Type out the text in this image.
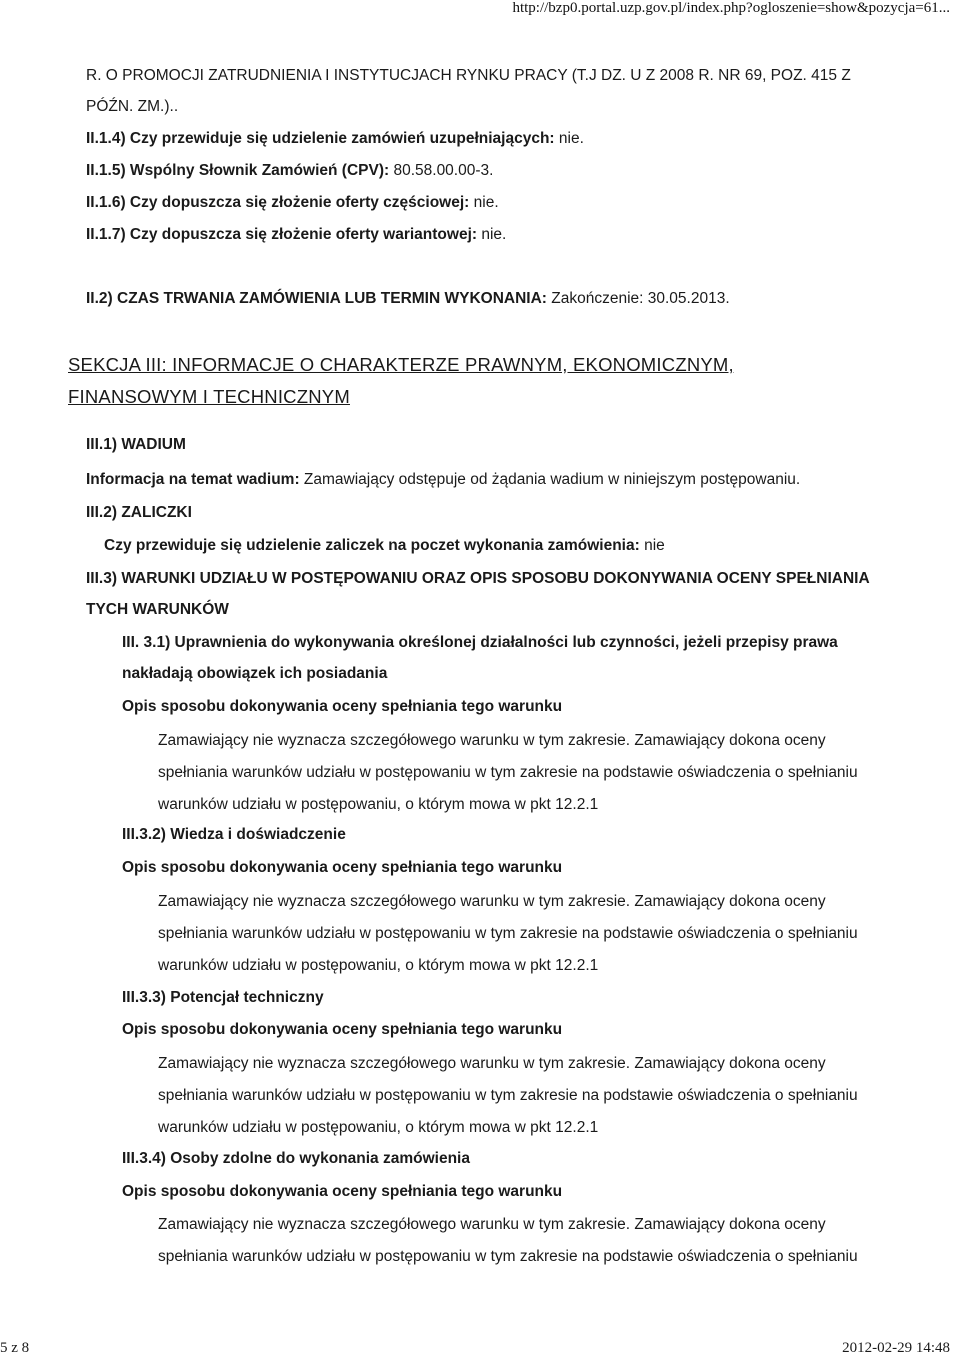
http://bzp0.portal.uzp.gov.pl/index.php?ogloszenie=show&pozycja=61...
R. O PROMOCJI ZATRUDNIENIA I INSTYTUCJACH RYNKU PRACY (T.J DZ. U Z 2008 R. NR 69, POZ. 415 Z
PÓŹN. ZM.)..
II.1.4) Czy przewiduje się udzielenie zamówień uzupełniających: nie.
II.1.5) Wspólny Słownik Zamówień (CPV): 80.58.00.00-3.
II.1.6) Czy dopuszcza się złożenie oferty częściowej: nie.
II.1.7) Czy dopuszcza się złożenie oferty wariantowej: nie.
II.2) CZAS TRWANIA ZAMÓWIENIA LUB TERMIN WYKONANIA: Zakończenie: 30.05.2013.
SEKCJA III: INFORMACJE O CHARAKTERZE PRAWNYM, EKONOMICZNYM,
FINANSOWYM I TECHNICZNYM
III.1) WADIUM
Informacja na temat wadium: Zamawiający odstępuje od żądania wadium w niniejszym postępowaniu.
III.2) ZALICZKI
Czy przewiduje się udzielenie zaliczek na poczet wykonania zamówienia: nie
III.3) WARUNKI UDZIAŁU W POSTĘPOWANIU ORAZ OPIS SPOSOBU DOKONYWANIA OCENY SPEŁNIANIA
TYCH WARUNKÓW
III. 3.1) Uprawnienia do wykonywania określonej działalności lub czynności, jeżeli przepisy prawa
nakładają obowiązek ich posiadania
Opis sposobu dokonywania oceny spełniania tego warunku
Zamawiający nie wyznacza szczegółowego warunku w tym zakresie. Zamawiający dokona oceny
spełniania warunków udziału w postępowaniu w tym zakresie na podstawie oświadczenia o spełnianiu
warunków udziału w postępowaniu, o którym mowa w pkt 12.2.1
III.3.2) Wiedza i doświadczenie
Opis sposobu dokonywania oceny spełniania tego warunku
Zamawiający nie wyznacza szczegółowego warunku w tym zakresie. Zamawiający dokona oceny
spełniania warunków udziału w postępowaniu w tym zakresie na podstawie oświadczenia o spełnianiu
warunków udziału w postępowaniu, o którym mowa w pkt 12.2.1
III.3.3) Potencjał techniczny
Opis sposobu dokonywania oceny spełniania tego warunku
Zamawiający nie wyznacza szczegółowego warunku w tym zakresie. Zamawiający dokona oceny
spełniania warunków udziału w postępowaniu w tym zakresie na podstawie oświadczenia o spełnianiu
warunków udziału w postępowaniu, o którym mowa w pkt 12.2.1
III.3.4) Osoby zdolne do wykonania zamówienia
Opis sposobu dokonywania oceny spełniania tego warunku
Zamawiający nie wyznacza szczegółowego warunku w tym zakresie. Zamawiający dokona oceny
spełniania warunków udziału w postępowaniu w tym zakresie na podstawie oświadczenia o spełnianiu
5 z 8	2012-02-29 14:48
